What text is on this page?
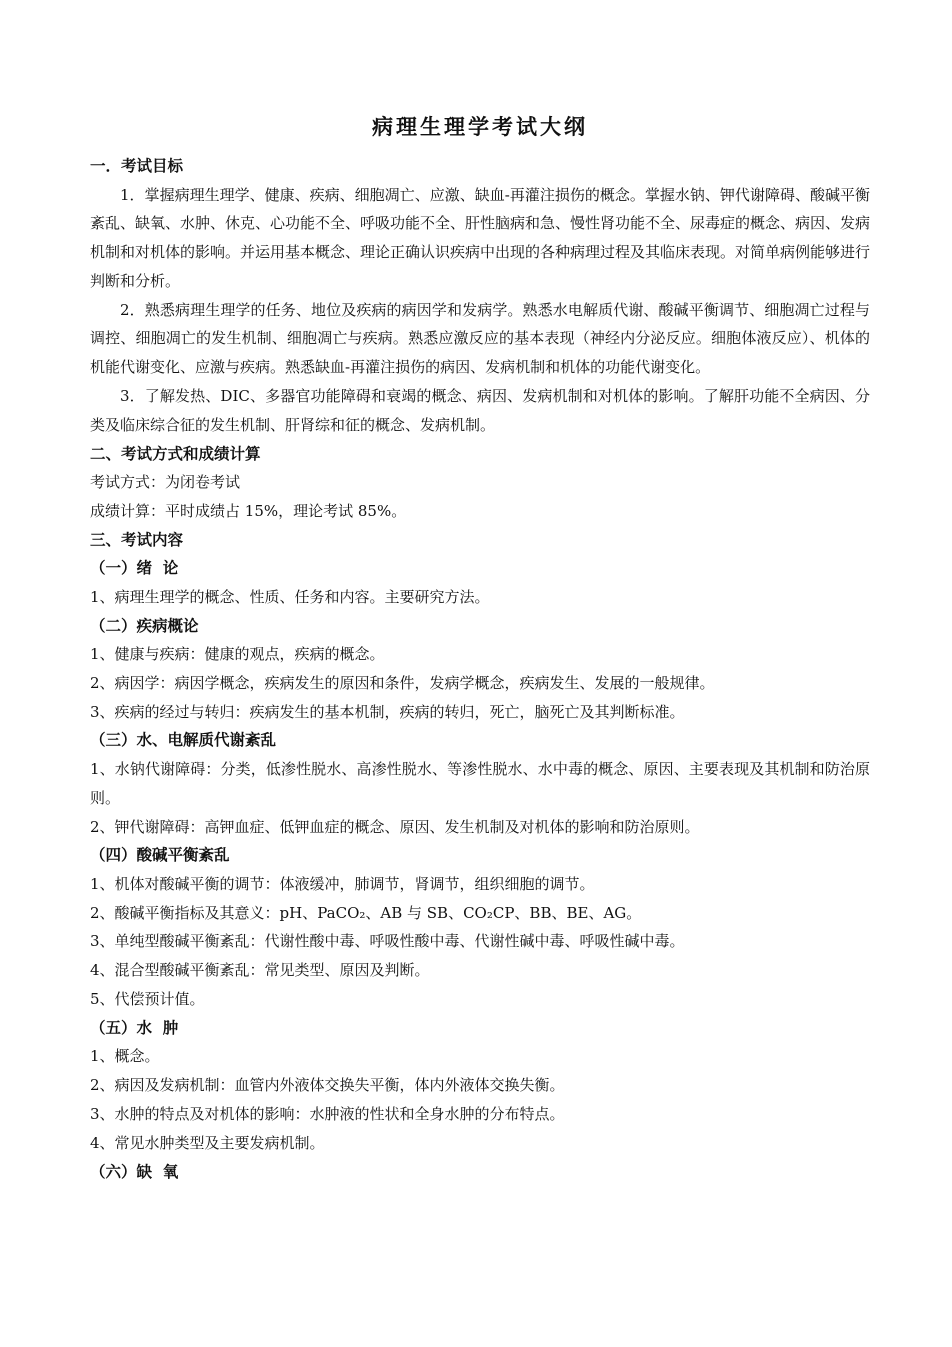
病理生理学考试大纲
一．考试目标

1．掌握病理生理学、健康、疾病、细胞凋亡、应激、缺血-再灌注损伤的概念。掌握水钠、钾代谢障碍、酸碱平衡紊乱、缺氧、水肿、休克、心功能不全、呼吸功能不全、肝性脑病和急、慢性肾功能不全、尿毒症的概念、病因、发病机制和对机体的影响。并运用基本概念、理论正确认识疾病中出现的各种病理过程及其临床表现。对简单病例能够进行判断和分析。

2．熟悉病理生理学的任务、地位及疾病的病因学和发病学。熟悉水电解质代谢、酸碱平衡调节、细胞凋亡过程与调控、细胞凋亡的发生机制、细胞凋亡与疾病。熟悉应激反应的基本表现（神经内分泌反应。细胞体液反应）、机体的机能代谢变化、应激与疾病。熟悉缺血-再灌注损伤的病因、发病机制和机体的功能代谢变化。

3．了解发热、DIC、多器官功能障碍和衰竭的概念、病因、发病机制和对机体的影响。了解肝功能不全病因、分类及临床综合征的发生机制、肝肾综和征的概念、发病机制。

二、考试方式和成绩计算

考试方式：为闭卷考试

成绩计算：平时成绩占 15%，理论考试 85%。

三、考试内容
（一）绪  论

1、病理生理学的概念、性质、任务和内容。主要研究方法。

（二）疾病概论

1、健康与疾病：健康的观点，疾病的概念。

2、病因学：病因学概念，疾病发生的原因和条件，发病学概念，疾病发生、发展的一般规律。

3、疾病的经过与转归：疾病发生的基本机制，疾病的转归，死亡，脑死亡及其判断标准。

（三）水、电解质代谢紊乱

1、水钠代谢障碍：分类，低渗性脱水、高渗性脱水、等渗性脱水、水中毒的概念、原因、主要表现及其机制和防治原则。

2、钾代谢障碍：高钾血症、低钾血症的概念、原因、发生机制及对机体的影响和防治原则。

（四）酸碱平衡紊乱

1、机体对酸碱平衡的调节：体液缓冲，肺调节，肾调节，组织细胞的调节。

2、酸碱平衡指标及其意义：pH、PaCO₂、AB 与 SB、CO₂CP、BB、BE、AG。

3、单纯型酸碱平衡紊乱：代谢性酸中毒、呼吸性酸中毒、代谢性碱中毒、呼吸性碱中毒。

4、混合型酸碱平衡紊乱：常见类型、原因及判断。

5、代偿预计值。

（五）水  肿

1、概念。

2、病因及发病机制：血管内外液体交换失平衡，体内外液体交换失衡。

3、水肿的特点及对机体的影响：水肿液的性状和全身水肿的分布特点。

4、常见水肿类型及主要发病机制。

（六）缺  氧
